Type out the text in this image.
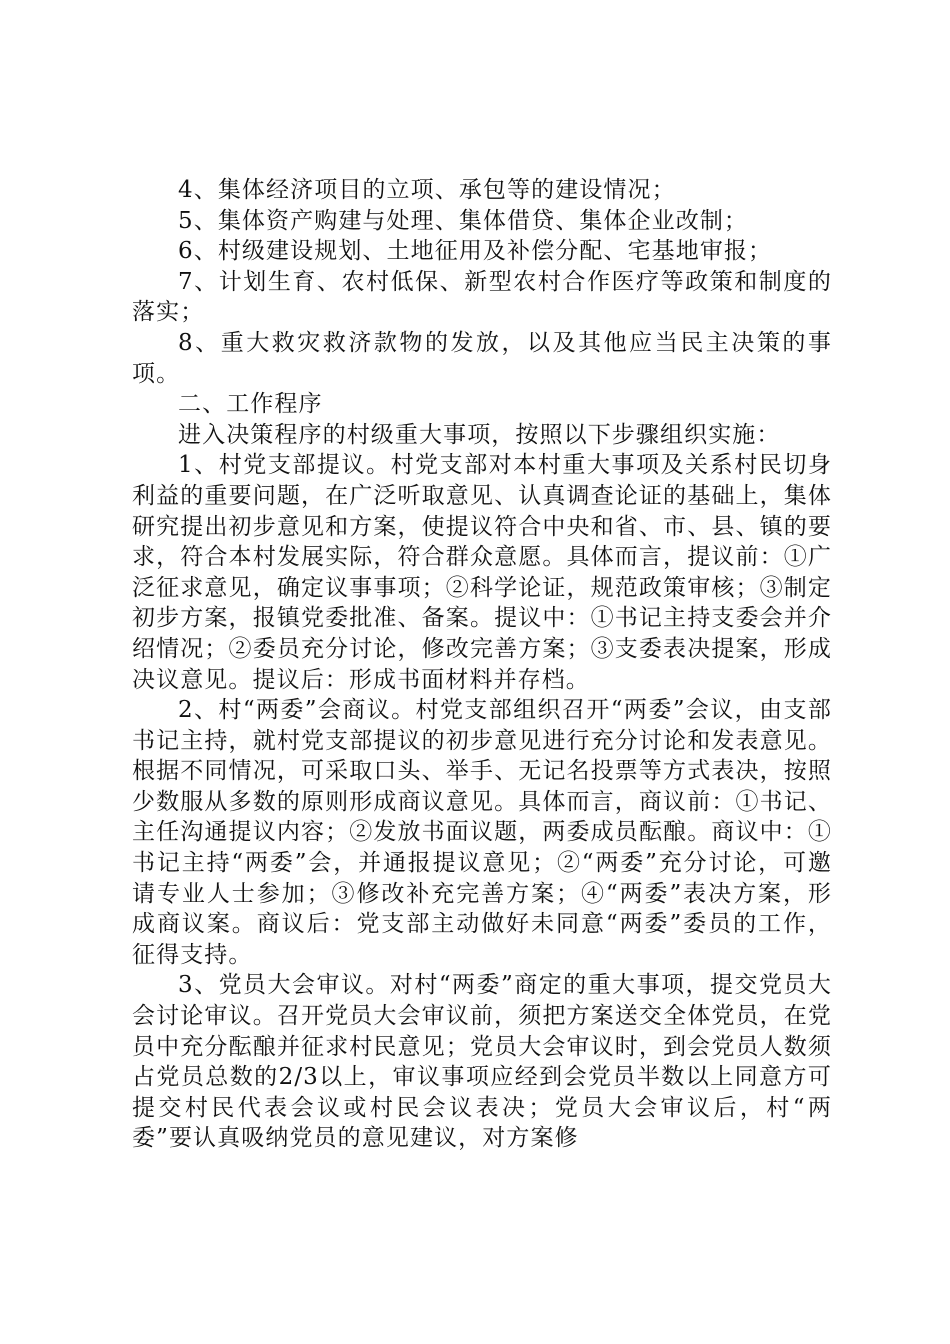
4、集体经济项目的立项、承包等的建设情况；

5、集体资产购建与处理、集体借贷、集体企业改制；

6、村级建设规划、土地征用及补偿分配、宅基地审报；

7、计划生育、农村低保、新型农村合作医疗等政策和制度的落实；

8、重大救灾救济款物的发放，以及其他应当民主决策的事项。

二、工作程序

进入决策程序的村级重大事项，按照以下步骤组织实施：

1、村党支部提议。村党支部对本村重大事项及关系村民切身利益的重要问题，在广泛听取意见、认真调查论证的基础上，集体研究提出初步意见和方案，使提议符合中央和省、市、县、镇的要求，符合本村发展实际，符合群众意愿。具体而言，提议前：①广泛征求意见，确定议事事项；②科学论证，规范政策审核；③制定初步方案，报镇党委批准、备案。提议中：①书记主持支委会并介绍情况；②委员充分讨论，修改完善方案；③支委表决提案，形成决议意见。提议后：形成书面材料并存档。

2、村“两委”会商议。村党支部组织召开“两委”会议，由支部书记主持，就村党支部提议的初步意见进行充分讨论和发表意见。根据不同情况，可采取口头、举手、无记名投票等方式表决，按照少数服从多数的原则形成商议意见。具体而言，商议前：①书记、主任沟通提议内容；②发放书面议题，两委成员酝酿。商议中：①书记主持“两委”会，并通报提议意见；②“两委”充分讨论，可邀请专业人士参加；③修改补充完善方案；④“两委”表决方案，形成商议案。商议后：党支部主动做好未同意“两委”委员的工作，征得支持。

3、党员大会审议。对村“两委”商定的重大事项，提交党员大会讨论审议。召开党员大会审议前，须把方案送交全体党员，在党员中充分酝酿并征求村民意见；党员大会审议时，到会党员人数须占党员总数的2/3以上，审议事项应经到会党员半数以上同意方可提交村民代表会议或村民会议表决；党员大会审议后，村“两委”要认真吸纳党员的意见建议，对方案修
